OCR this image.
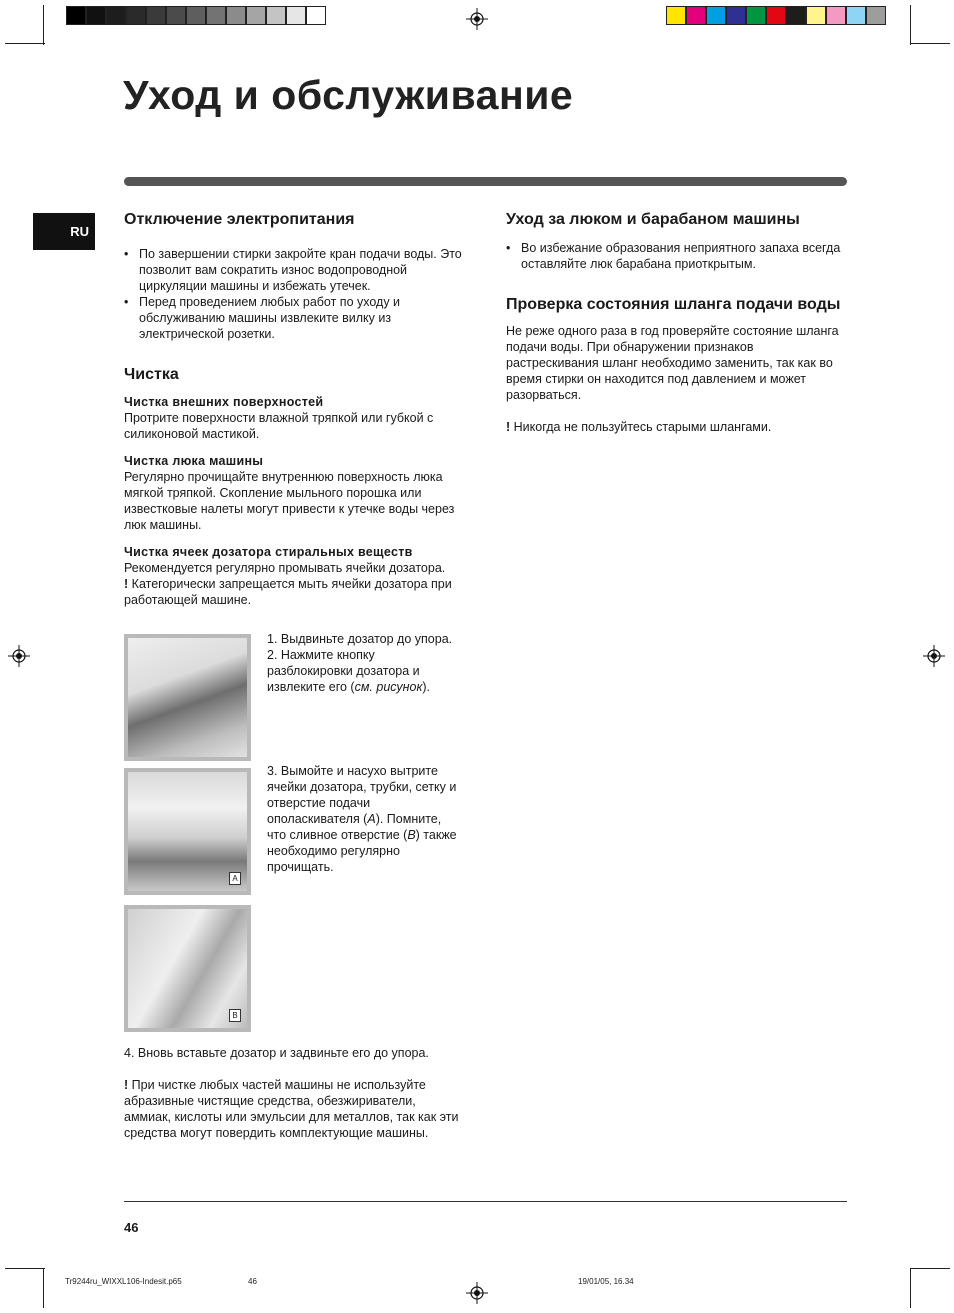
Уход и обслуживание
RU
Отключение электропитания
• По завершении стирки закройте кран подачи воды. Это позволит вам сократить износ водопроводной циркуляции машины и избежать утечек.
• Перед проведением любых работ по уходу и обслуживанию машины извлеките вилку из электрической розетки.
Чистка
Чистка внешних поверхностей

Протрите поверхности влажной тряпкой или губкой с силиконовой мастикой.

Чистка люка машины

Регулярно прочищайте внутреннюю поверхность люка мягкой тряпкой. Скопление мыльного порошка или известковые налеты могут привести к утечке воды через люк машины.

Чистка ячеек дозатора стиральных веществ

Рекомендуется регулярно промывать ячейки дозатора.

! Категорически запрещается мыть ячейки дозатора при работающей машине.

A
B
1. Выдвиньте дозатор до упора.
2. Нажмите кнопку разблокировки дозатора и извлеките его (см. рисунок).
3. Вымойте и насухо вытрите ячейки дозатора, трубки, сетку и отверстие подачи ополаскивателя (A). Помните, что сливное отверстие (B) также необходимо регулярно прочищать.
4. Вновь вставьте дозатор и задвиньте его до упора.
! При чистке любых частей машины не используйте абразивные чистящие средства, обезжириватели, аммиак, кислоты или эмульсии для металлов, так как эти средства могут повердить комплектующие машины.
Уход за люком и барабаном машины
• Во избежание образования неприятного запаха всегда оставляйте люк барабана приоткрытым.
Проверка состояния шланга подачи воды

Не реже одного раза в год проверяйте состояние шланга подачи воды. При обнаружении признаков растрескивания шланг необходимо заменить, так как во время стирки он находится под давлением и может разорваться.

! Никогда не пользуйтесь старыми шлангами.

46
Tr9244ru_WIXXL106-Indesit.p65	46	19/01/05, 16.34
